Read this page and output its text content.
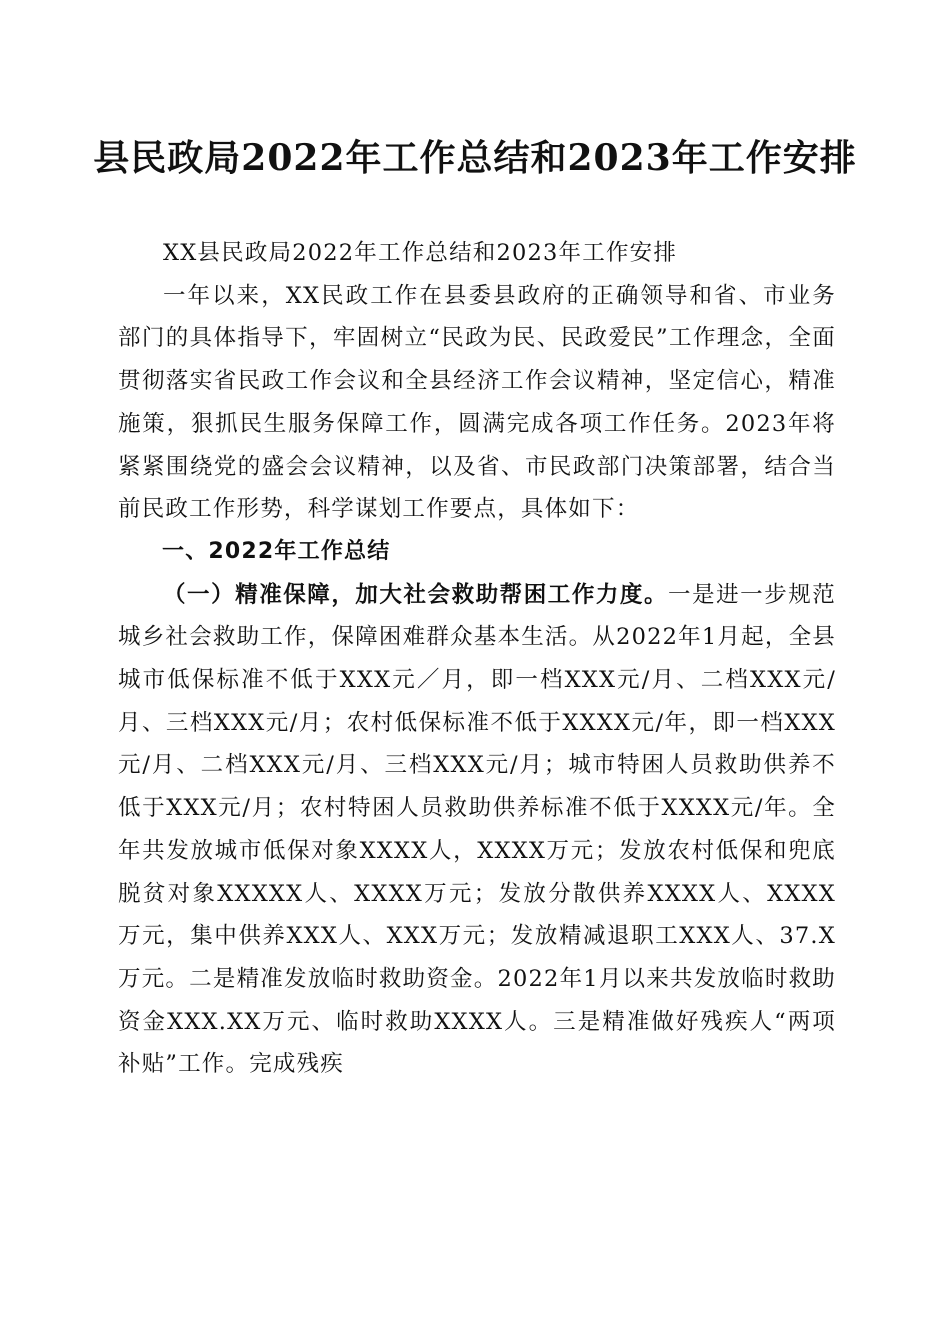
县民政局2022年工作总结和2023年工作安排

XX县民政局2022年工作总结和2023年工作安排

一年以来，XX民政工作在县委县政府的正确领导和省、市业务部门的具体指导下，牢固树立“民政为民、民政爱民”工作理念，全面贯彻落实省民政工作会议和全县经济工作会议精神，坚定信心，精准施策，狠抓民生服务保障工作，圆满完成各项工作任务。2023年将紧紧围绕党的盛会会议精神，以及省、市民政部门决策部署，结合当前民政工作形势，科学谋划工作要点，具体如下：

一、2022年工作总结

（一）精准保障，加大社会救助帮困工作力度。一是进一步规范城乡社会救助工作，保障困难群众基本生活。从2022年1月起，全县城市低保标准不低于XXX元／月，即一档XXX元/月、二档XXX元/月、三档XXX元/月；农村低保标准不低于XXXX元/年，即一档XXX元/月、二档XXX元/月、三档XXX元/月；城市特困人员救助供养不低于XXX元/月；农村特困人员救助供养标准不低于XXXX元/年。全年共发放城市低保对象XXXX人，XXXX万元；发放农村低保和兜底脱贫对象XXXXX人、XXXX万元；发放分散供养XXXX人、XXXX万元，集中供养XXX人、XXX万元；发放精减退职工XXX人、37.X万元。二是精准发放临时救助资金。2022年1月以来共发放临时救助资金XXX.XX万元、临时救助XXXX人。三是精准做好残疾人“两项补贴”工作。完成残疾
